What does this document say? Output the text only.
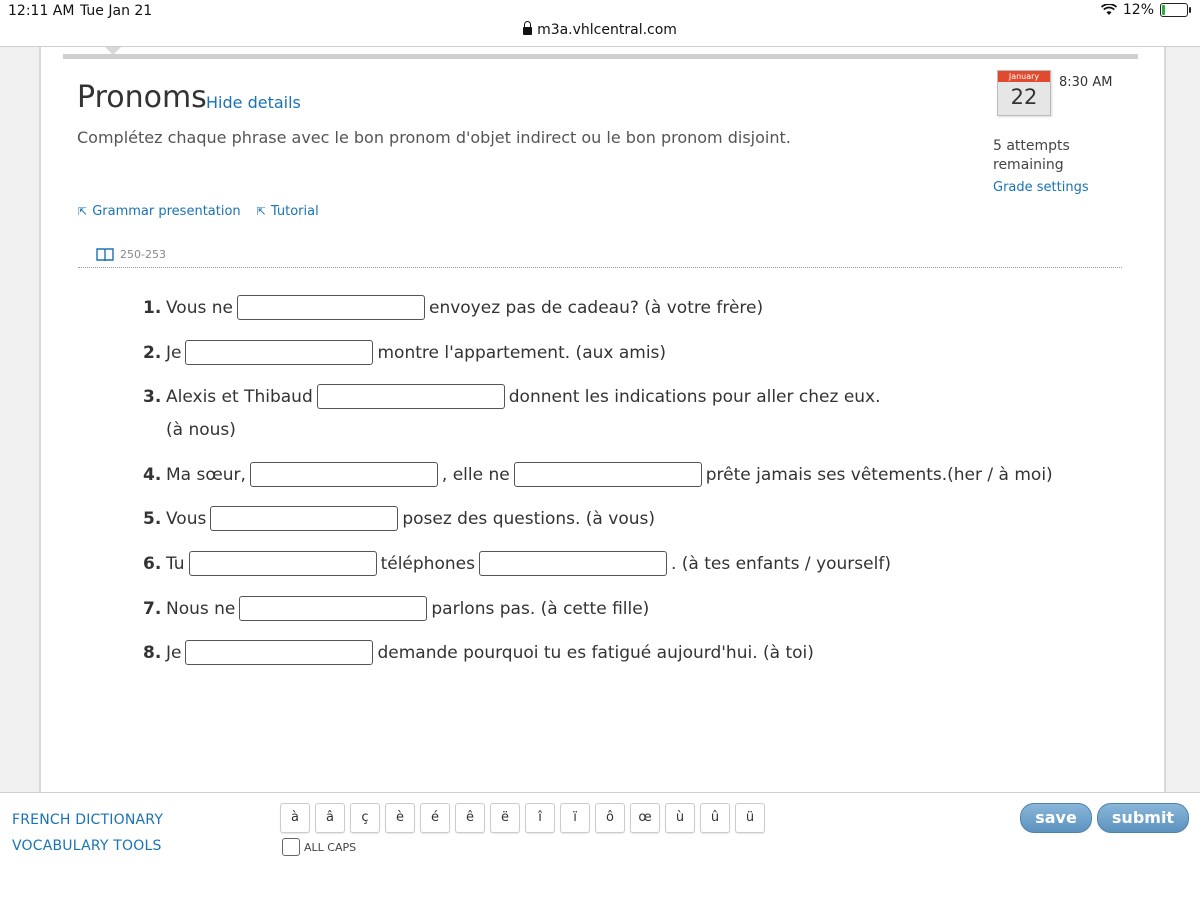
12:11 AM Tue Jan 21	12%
m3a.vhlcentral.com
Pronoms Hide details
Complétez chaque phrase avec le bon pronom d'objet indirect ou le bon pronom disjoint.
January
22
8:30 AM
5 attempts remaining
Grade settings
⇱ Grammar presentation ⇱ Tutorial
250-253
1. Vous ne	envoyez pas de cadeau? (à votre frère)
2. Je	montre l'appartement. (aux amis)
3. Alexis et Thibaud	donnent les indications pour aller chez eux.
(à nous)
4. Ma sœur,	, elle ne	prête jamais ses vêtements.(her / à moi)
5. Vous	posez des questions. (à vous)
6. Tu	téléphones	. (à tes enfants / yourself)
7. Nous ne	parlons pas. (à cette fille)
8. Je	demande pourquoi tu es fatigué aujourd'hui. (à toi)
FRENCH DICTIONARY
VOCABULARY TOOLS
à	â	ç	è	é	ê	ë	î	ï	ô	œ	ù	û	ü
ALL CAPS
save	submit
